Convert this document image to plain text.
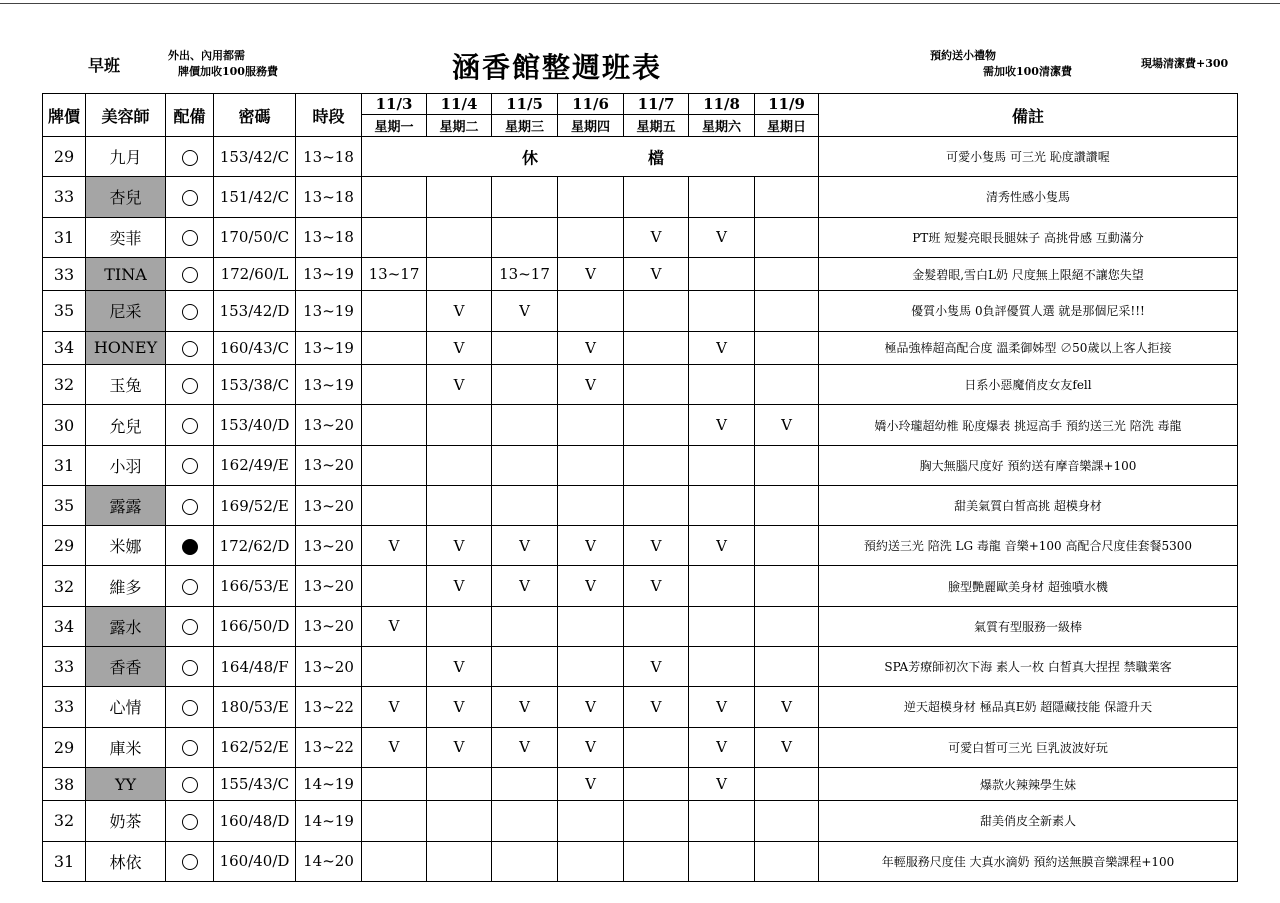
早班
外出、內用都需
牌價加收100服務費	涵香館整週班表	預約送小禮物
需加收100清潔費
現場清潔費+300
牌價	美容師	配備	密碼	時段	11/3	11/4	11/5	11/6	11/7	11/8	11/9	備註
					星期一	星期二	星期三	星期四	星期五	星期六	星期日	
29	九月		153/42/C	13~18	休 檔							可愛小隻馬 可三光 恥度讚讚喔
33	杏兒		151/42/C	13~18								清秀性感小隻馬
31	奕菲		170/50/C	13~18					V	V		PT班 短髮亮眼長腿妹子 高挑骨感 互動滿分
33	TINA		172/60/L	13~19	13~17		13~17	V	V			金髮碧眼,雪白L奶 尺度無上限絕不讓您失望
35	尼采		153/42/D	13~19		V	V					優質小隻馬 0負評優質人選 就是那個尼采!!!
34	HONEY		160/43/C	13~19		V		V		V		極品強棒超高配合度 溫柔御姊型 ∅50歲以上客人拒接
32	玉兔		153/38/C	13~19		V		V				日系小惡魔俏皮女友fell
30	允兒		153/40/D	13~20						V	V	嬌小玲瓏超幼椎 恥度爆表 挑逗高手 預約送三光 陪洗 毒龍
31	小羽		162/49/E	13~20								胸大無腦尺度好 預約送有摩音樂課+100
35	露露		169/52/E	13~20								甜美氣質白皙高挑 超模身材
29	米娜		172/62/D	13~20	V	V	V	V	V	V		預約送三光 陪洗 LG 毒龍 音樂+100 高配合尺度佳套餐5300
32	維多		166/53/E	13~20		V	V	V	V			臉型艷麗歐美身材 超強噴水機
34	露水		166/50/D	13~20	V							氣質有型服務一級棒
33	香香		164/48/F	13~20		V			V			SPA芳療師初次下海 素人一枚 白皙真大捏捏 禁職業客
33	心情		180/53/E	13~22	V	V	V	V	V	V	V	逆天超模身材 極品真E奶 超隱藏技能 保證升天
29	庫米		162/52/E	13~22	V	V	V	V		V	V	可愛白皙可三光 巨乳波波好玩
38	YY		155/43/C	14~19				V		V		爆款火辣辣學生妹
32	奶茶		160/48/D	14~19								甜美俏皮全新素人
31	林依		160/40/D	14~20								年輕服務尺度佳 大真水滴奶 預約送無膜音樂課程+100
